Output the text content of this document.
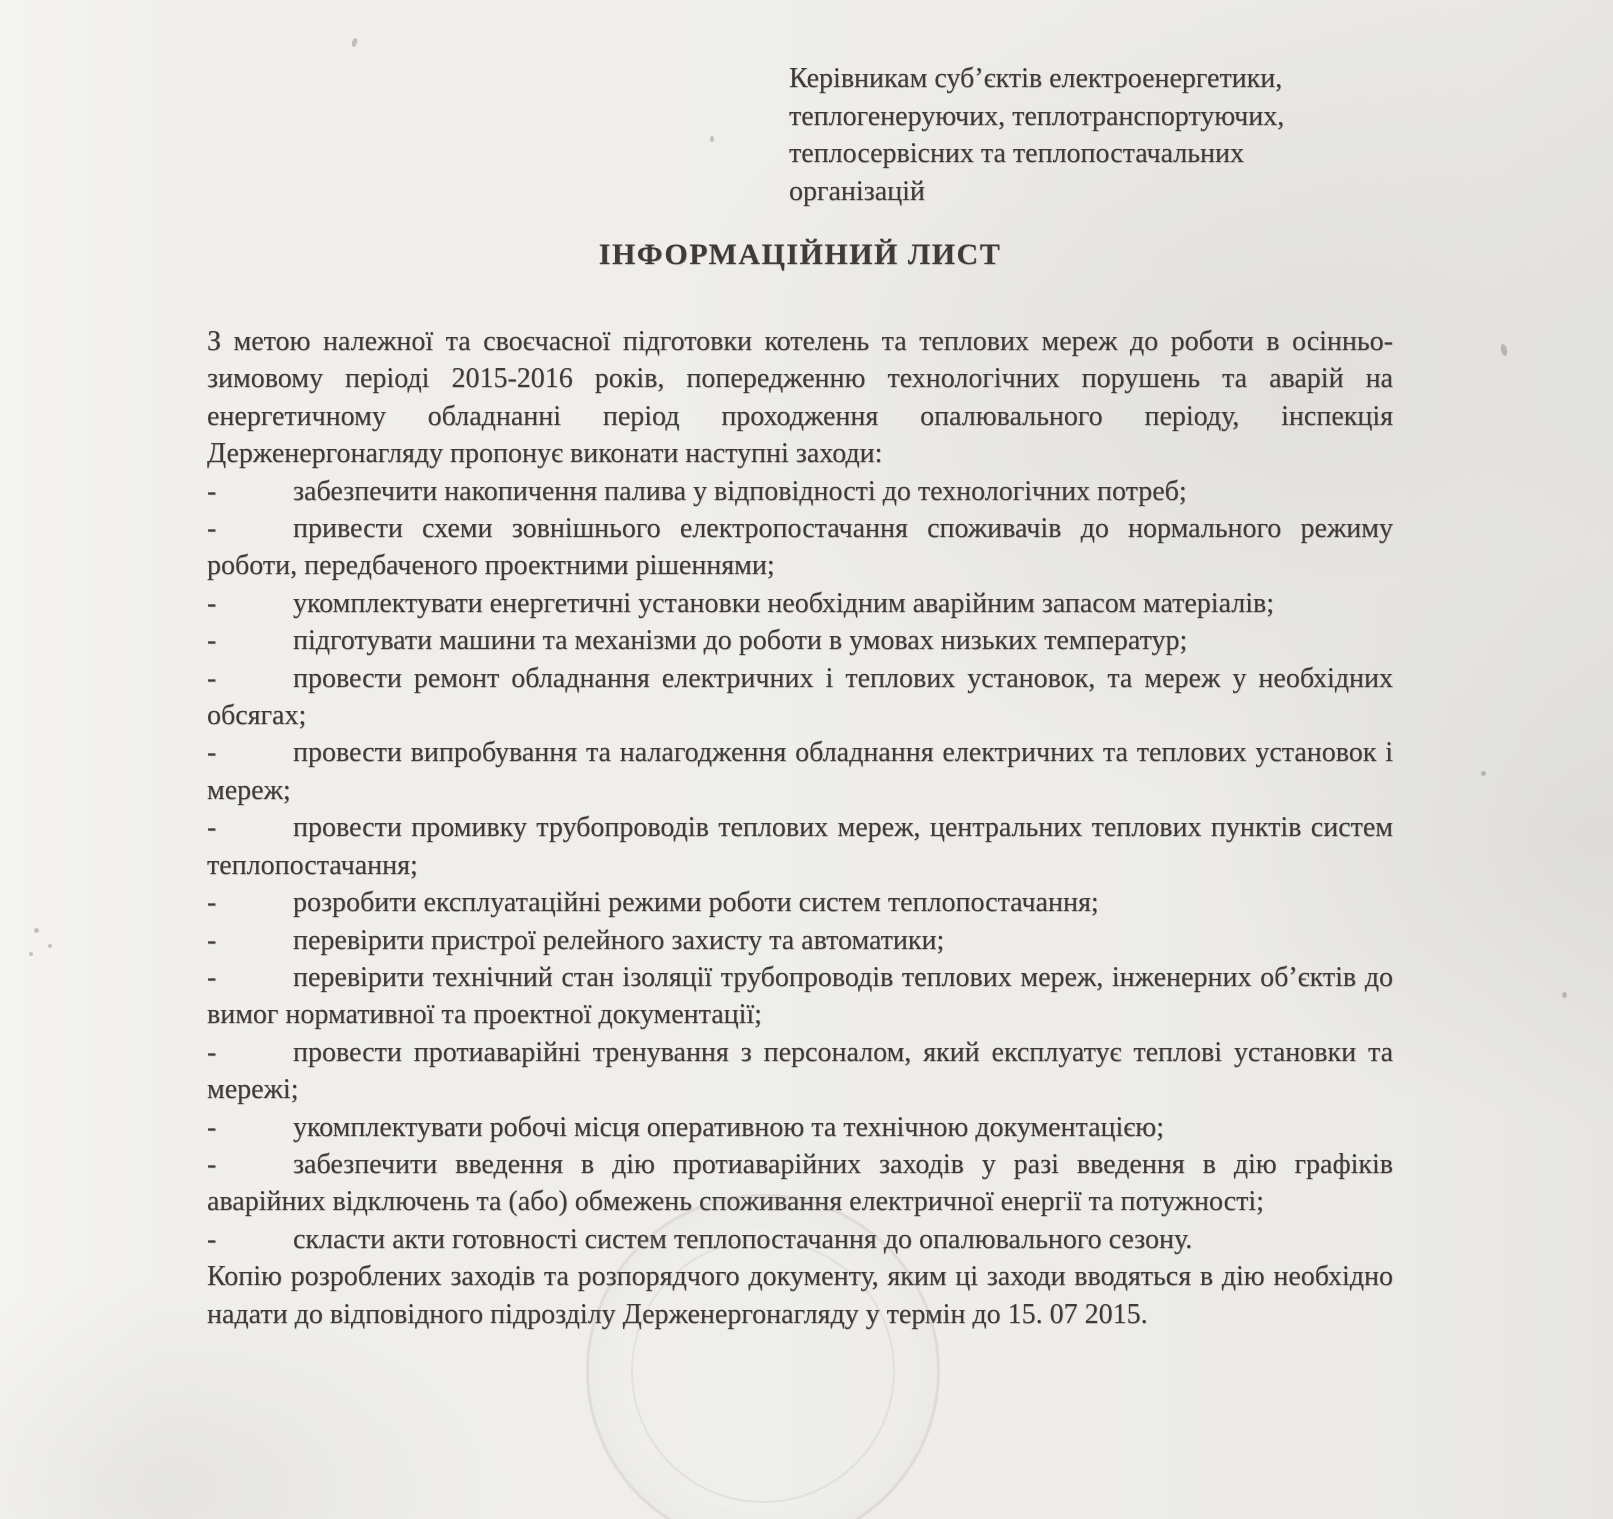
Керівникам суб’єктів електроенергетики,
теплогенеруючих, теплотранспортуючих,
теплосервісних та теплопостачальних
організацій
ІНФОРМАЦІЙНИЙ ЛИСТ

З метою належної та своєчасної підготовки котелень та теплових мереж до роботи в осінньо-зимовому періоді 2015-2016 років, попередженню технологічних порушень та аварій на енергетичному обладнанні період проходження опалювального періоду, інспекція Держенергонагляду пропонує виконати наступні заходи:

-	забезпечити накопичення палива у відповідності до технологічних потреб;
-	привести схеми зовнішнього електропостачання споживачів до нормального режиму роботи, передбаченого проектними рішеннями;
-	укомплектувати енергетичні установки необхідним аварійним запасом матеріалів;
-	підготувати машини та механізми до роботи в умовах низьких температур;
-	провести ремонт обладнання електричних і теплових установок, та мереж у необхідних обсягах;
-	провести випробування та налагодження обладнання електричних та теплових установок і мереж;
-	провести промивку трубопроводів теплових мереж, центральних теплових пунктів систем теплопостачання;
-	розробити експлуатаційні режими роботи систем теплопостачання;
-	перевірити пристрої релейного захисту та автоматики;
-	перевірити технічний стан ізоляції трубопроводів теплових мереж, інженерних об’єктів до вимог нормативної та проектної документації;
-	провести протиаварійні тренування з персоналом, який експлуатує теплові установки та мережі;
-	укомплектувати робочі місця оперативною та технічною документацією;
-	забезпечити введення в дію протиаварійних заходів у разі введення в дію графіків аварійних відключень та (або) обмежень споживання електричної енергії та потужності;
-	скласти акти готовності систем теплопостачання до опалювального сезону.

Копію розроблених заходів та розпорядчого документу, яким ці заходи вводяться в дію необхідно надати до відповідного підрозділу Держенергонагляду у термін до 15. 07 2015.
